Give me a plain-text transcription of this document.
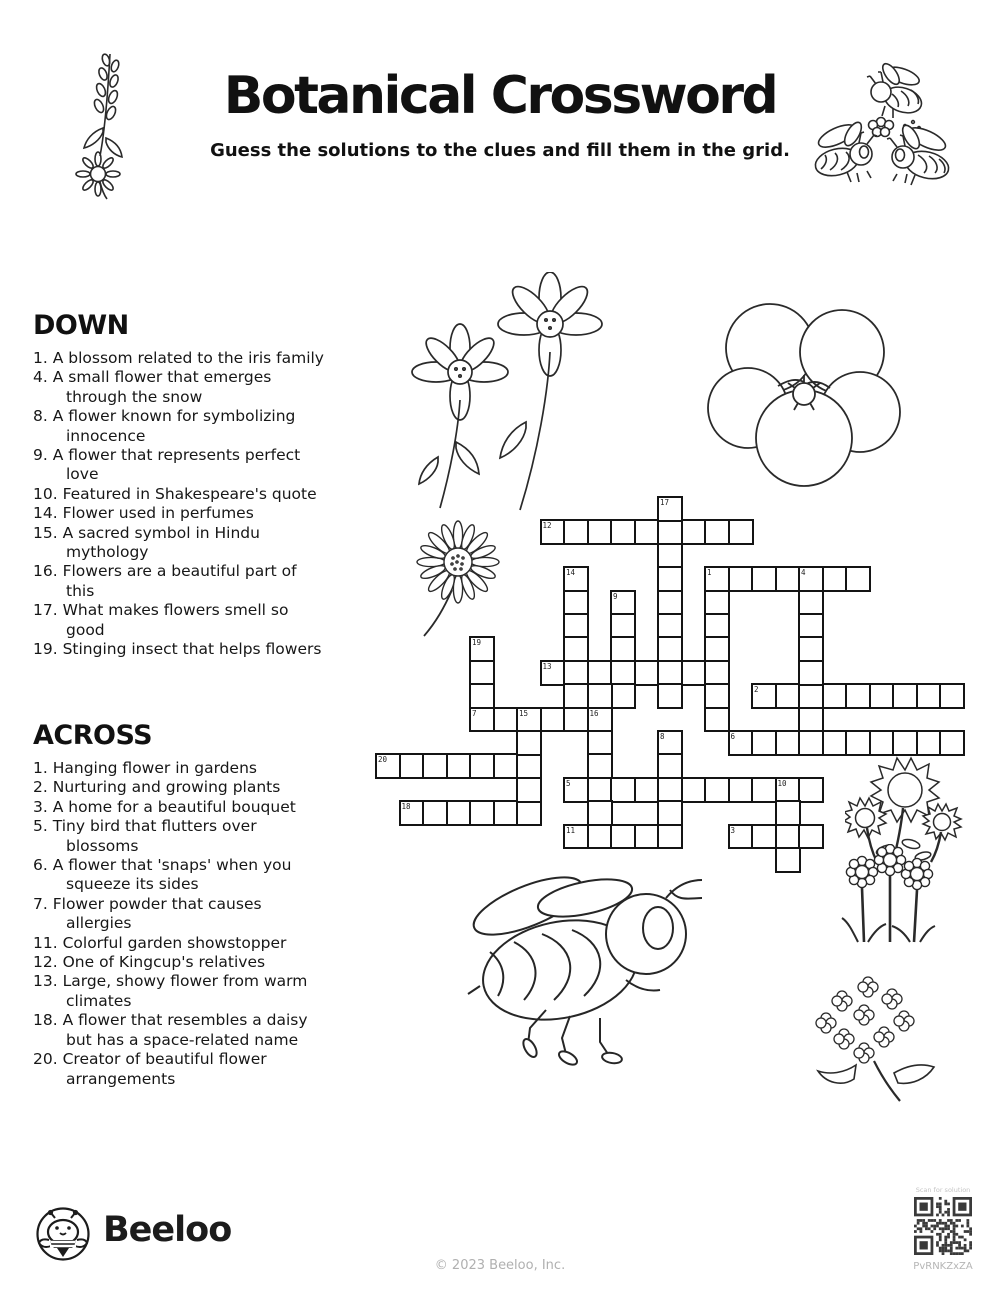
Botanical Crossword
Guess the solutions to the clues and fill them in the grid.
DOWN
1. A blossom related to the iris family
4. A small flower that emerges through the snow
8. A flower known for symbolizing innocence
9. A flower that represents perfect love
10. Featured in Shakespeare's quote
14. Flower used in perfumes
15. A sacred symbol in Hindu mythology
16. Flowers are a beautiful part of this
17. What makes flowers smell so good
19. Stinging insect that helps flowers
ACROSS
1. Hanging flower in gardens
2. Nurturing and growing plants
3. A home for a beautiful bouquet
5. Tiny bird that flutters over blossoms
6. A flower that 'snaps' when you squeeze its sides
7. Flower powder that causes allergies
11. Colorful garden showstopper
12. One of Kingcup's relatives
13. Large, showy flower from warm climates
18. A flower that resembles a daisy but has a space-related name
20. Creator of beautiful flower arrangements
12
1	4
13
2
7	15	16
6
20
5	10
18
11	3
17
14
9
19
8
Beeloo
© 2023 Beeloo, Inc.
Scan for solution
PvRNKZxZA
